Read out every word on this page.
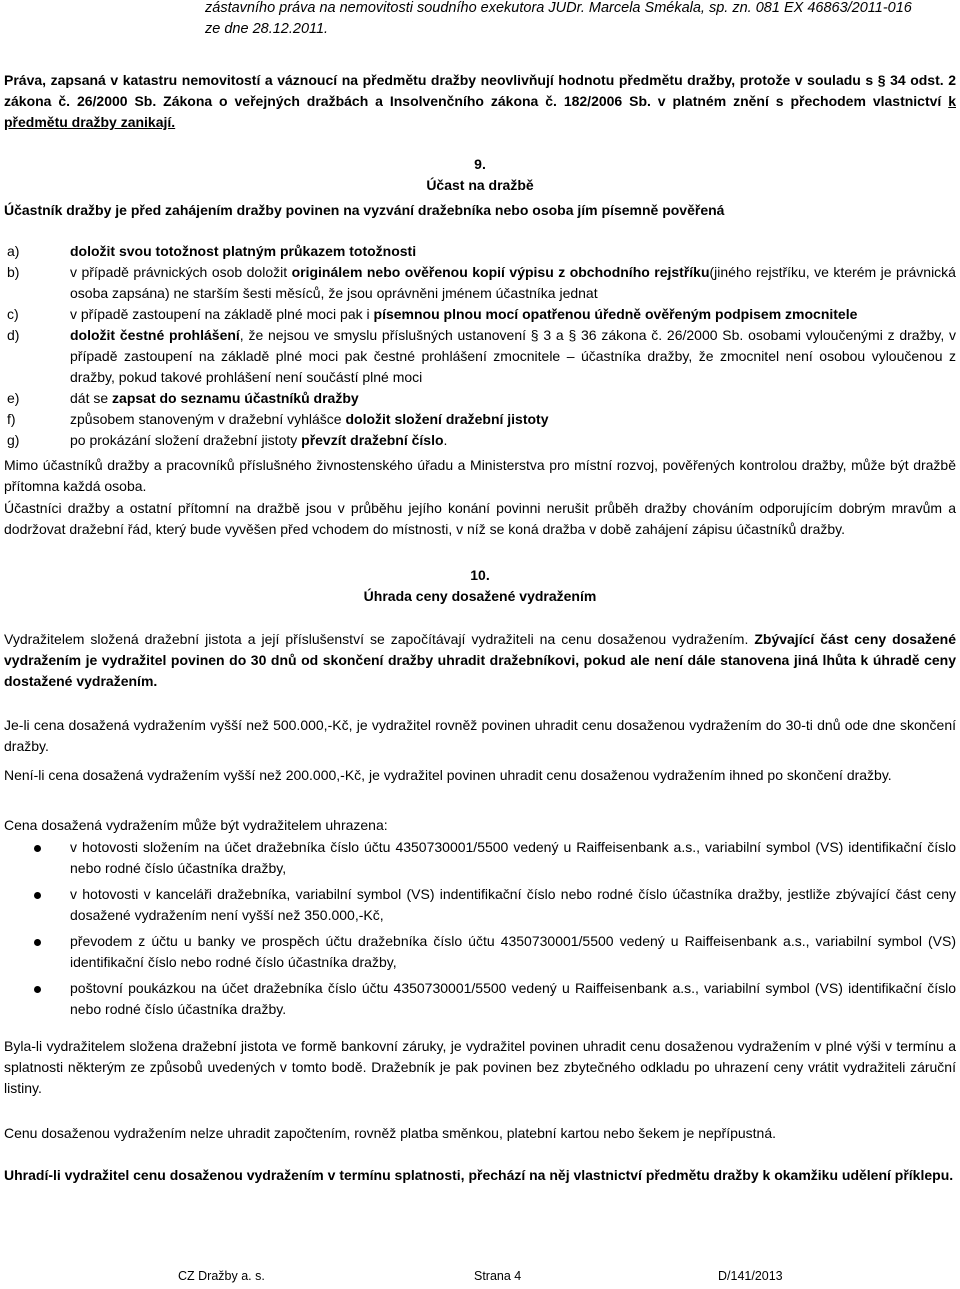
zástavního práva na nemovitosti soudního exekutora JUDr. Marcela Smékala, sp. zn. 081 EX 46863/2011-016
ze dne 28.12.2011.
Práva, zapsaná v katastru nemovitostí a váznoucí na předmětu dražby neovlivňují hodnotu předmětu dražby, protože v souladu s § 34 odst. 2 zákona č. 26/2000 Sb. Zákona o veřejných dražbách a Insolvenčního zákona č. 182/2006 Sb. v platném znění s přechodem vlastnictví k předmětu dražby zanikají.
9.
Účast na dražbě
Účastník dražby je před zahájením dražby povinen na vyzvání dražebníka nebo osoba jím písemně pověřená
a)	doložit svou totožnost platným průkazem totožnosti
b)	v případě právnických osob doložit originálem nebo ověřenou kopií výpisu z obchodního rejstříku(jiného rejstříku, ve kterém je právnická osoba zapsána) ne starším šesti měsíců, že jsou oprávněni jménem účastníka jednat
c)	v případě zastoupení na základě plné moci pak i písemnou plnou mocí opatřenou úředně ověřeným podpisem zmocnitele
d)	doložit čestné prohlášení, že nejsou ve smyslu příslušných ustanovení § 3 a § 36 zákona č. 26/2000 Sb. osobami vyloučenými z dražby, v případě zastoupení na základě plné moci pak čestné prohlášení zmocnitele – účastníka dražby, že zmocnitel není osobou vyloučenou z dražby, pokud takové prohlášení není součástí plné moci
e)	dát se zapsat do seznamu účastníků dražby
f)	způsobem stanoveným v dražební vyhlášce doložit složení dražební jistoty
g)	po prokázání složení dražební jistoty převzít dražební číslo.
Mimo účastníků dražby a pracovníků příslušného živnostenského úřadu a Ministerstva pro místní rozvoj, pověřených kontrolou dražby, může být dražbě přítomna každá osoba.
Účastníci dražby a ostatní přítomní na dražbě jsou v průběhu jejího konání povinni nerušit průběh dražby chováním odporujícím dobrým mravům a dodržovat dražební řád, který bude vyvěšen před vchodem do místnosti, v níž se koná dražba v době zahájení zápisu účastníků dražby.
10.
Úhrada ceny dosažené vydražením
Vydražitelem složená dražební jistota a její příslušenství se započítávají vydražiteli na cenu dosaženou vydražením. Zbývající část ceny dosažené vydražením je vydražitel povinen do 30 dnů od skončení dražby uhradit dražebníkovi, pokud ale není dále stanovena jiná lhůta k úhradě ceny dostažené vydražením.
Je-li cena dosažená vydražením vyšší než 500.000,-Kč, je vydražitel rovněž povinen uhradit cenu dosaženou vydražením do 30-ti dnů ode dne skončení dražby.
Není-li cena dosažená vydražením vyšší než 200.000,-Kč, je vydražitel povinen uhradit cenu dosaženou vydražením ihned po skončení dražby.
Cena dosažená vydražením může být vydražitelem uhrazena:
v hotovosti složením na účet dražebníka číslo účtu 4350730001/5500 vedený u Raiffeisenbank a.s., variabilní symbol (VS) identifikační číslo nebo rodné číslo účastníka dražby,
v hotovosti v kanceláři dražebníka, variabilní symbol (VS) indentifikační číslo nebo rodné číslo účastníka dražby, jestliže zbývající část ceny dosažené vydražením není vyšší než 350.000,-Kč,
převodem z účtu u banky ve prospěch účtu dražebníka číslo účtu 4350730001/5500 vedený u Raiffeisenbank a.s., variabilní symbol (VS) identifikační číslo nebo rodné číslo účastníka dražby,
poštovní poukázkou na účet dražebníka číslo účtu 4350730001/5500 vedený u Raiffeisenbank a.s., variabilní symbol (VS) identifikační číslo nebo rodné číslo účastníka dražby.
Byla-li vydražitelem složena dražební jistota ve formě bankovní záruky, je vydražitel povinen uhradit cenu dosaženou vydražením v plné výši v termínu a splatnosti některým ze způsobů uvedených v tomto bodě. Dražebník je pak povinen bez zbytečného odkladu po uhrazení ceny vrátit vydražiteli záruční listiny.
Cenu dosaženou vydražením nelze uhradit započtením, rovněž platba směnkou, platební kartou nebo šekem je nepřípustná.
Uhradí-li vydražitel cenu dosaženou vydražením v termínu splatnosti, přechází na něj vlastnictví předmětu dražby k okamžiku udělení příklepu.
CZ Dražby a. s.	Strana 4	D/141/2013
